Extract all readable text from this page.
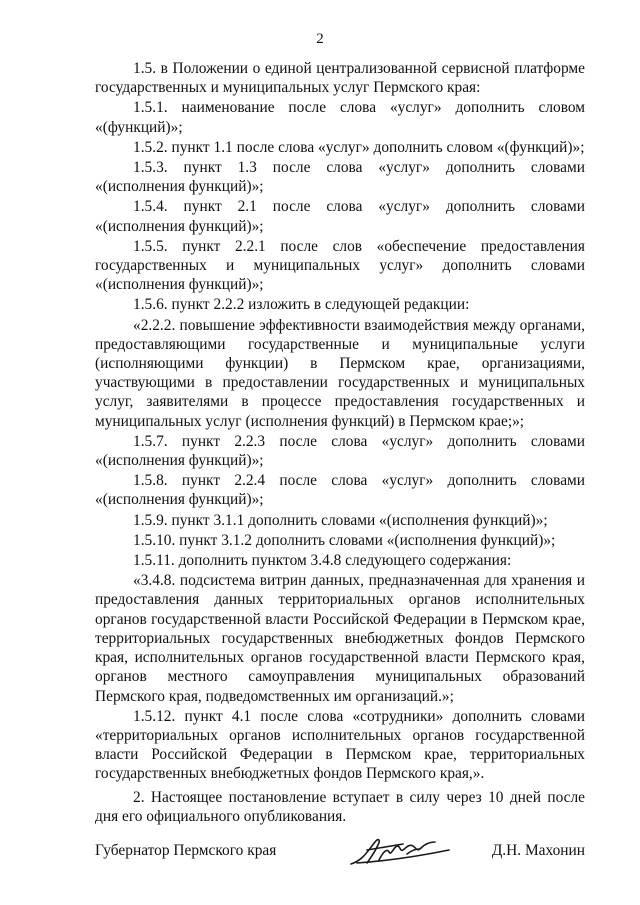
2

1.5. в Положении о единой централизованной сервисной платформе государственных и муниципальных услуг Пермского края:

1.5.1. наименование после слова «услуг» дополнить словом «(функций)»;

1.5.2. пункт 1.1 после слова «услуг» дополнить словом «(функций)»;

1.5.3. пункт 1.3 после слова «услуг» дополнить словами «(исполнения функций)»;

1.5.4. пункт 2.1 после слова «услуг» дополнить словами «(исполнения функций)»;

1.5.5. пункт 2.2.1 после слов «обеспечение предоставления государственных и муниципальных услуг» дополнить словами «(исполнения функций)»;

1.5.6. пункт 2.2.2 изложить в следующей редакции:

«2.2.2. повышение эффективности взаимодействия между органами, предоставляющими государственные и муниципальные услуги (исполняющими функции) в Пермском крае, организациями, участвующими в предоставлении государственных и муниципальных услуг, заявителями в процессе предоставления государственных и муниципальных услуг (исполнения функций) в Пермском крае;»;

1.5.7. пункт 2.2.3 после слова «услуг» дополнить словами «(исполнения функций)»;

1.5.8. пункт 2.2.4 после слова «услуг» дополнить словами «(исполнения функций)»;

1.5.9. пункт 3.1.1 дополнить словами «(исполнения функций)»;

1.5.10. пункт 3.1.2 дополнить словами «(исполнения функций)»;

1.5.11. дополнить пунктом 3.4.8 следующего содержания:

«3.4.8. подсистема витрин данных, предназначенная для хранения и предоставления данных территориальных органов исполнительных органов государственной власти Российской Федерации в Пермском крае, территориальных государственных внебюджетных фондов Пермского края, исполнительных органов государственной власти Пермского края, органов местного самоуправления муниципальных образований Пермского края, подведомственных им организаций.»;

1.5.12. пункт 4.1 после слова «сотрудники» дополнить словами «территориальных органов исполнительных органов государственной власти Российской Федерации в Пермском крае, территориальных государственных внебюджетных фондов Пермского края,».

2. Настоящее постановление вступает в силу через 10 дней после дня его официального опубликования.

Губернатор Пермского края	Д.Н. Махонин
